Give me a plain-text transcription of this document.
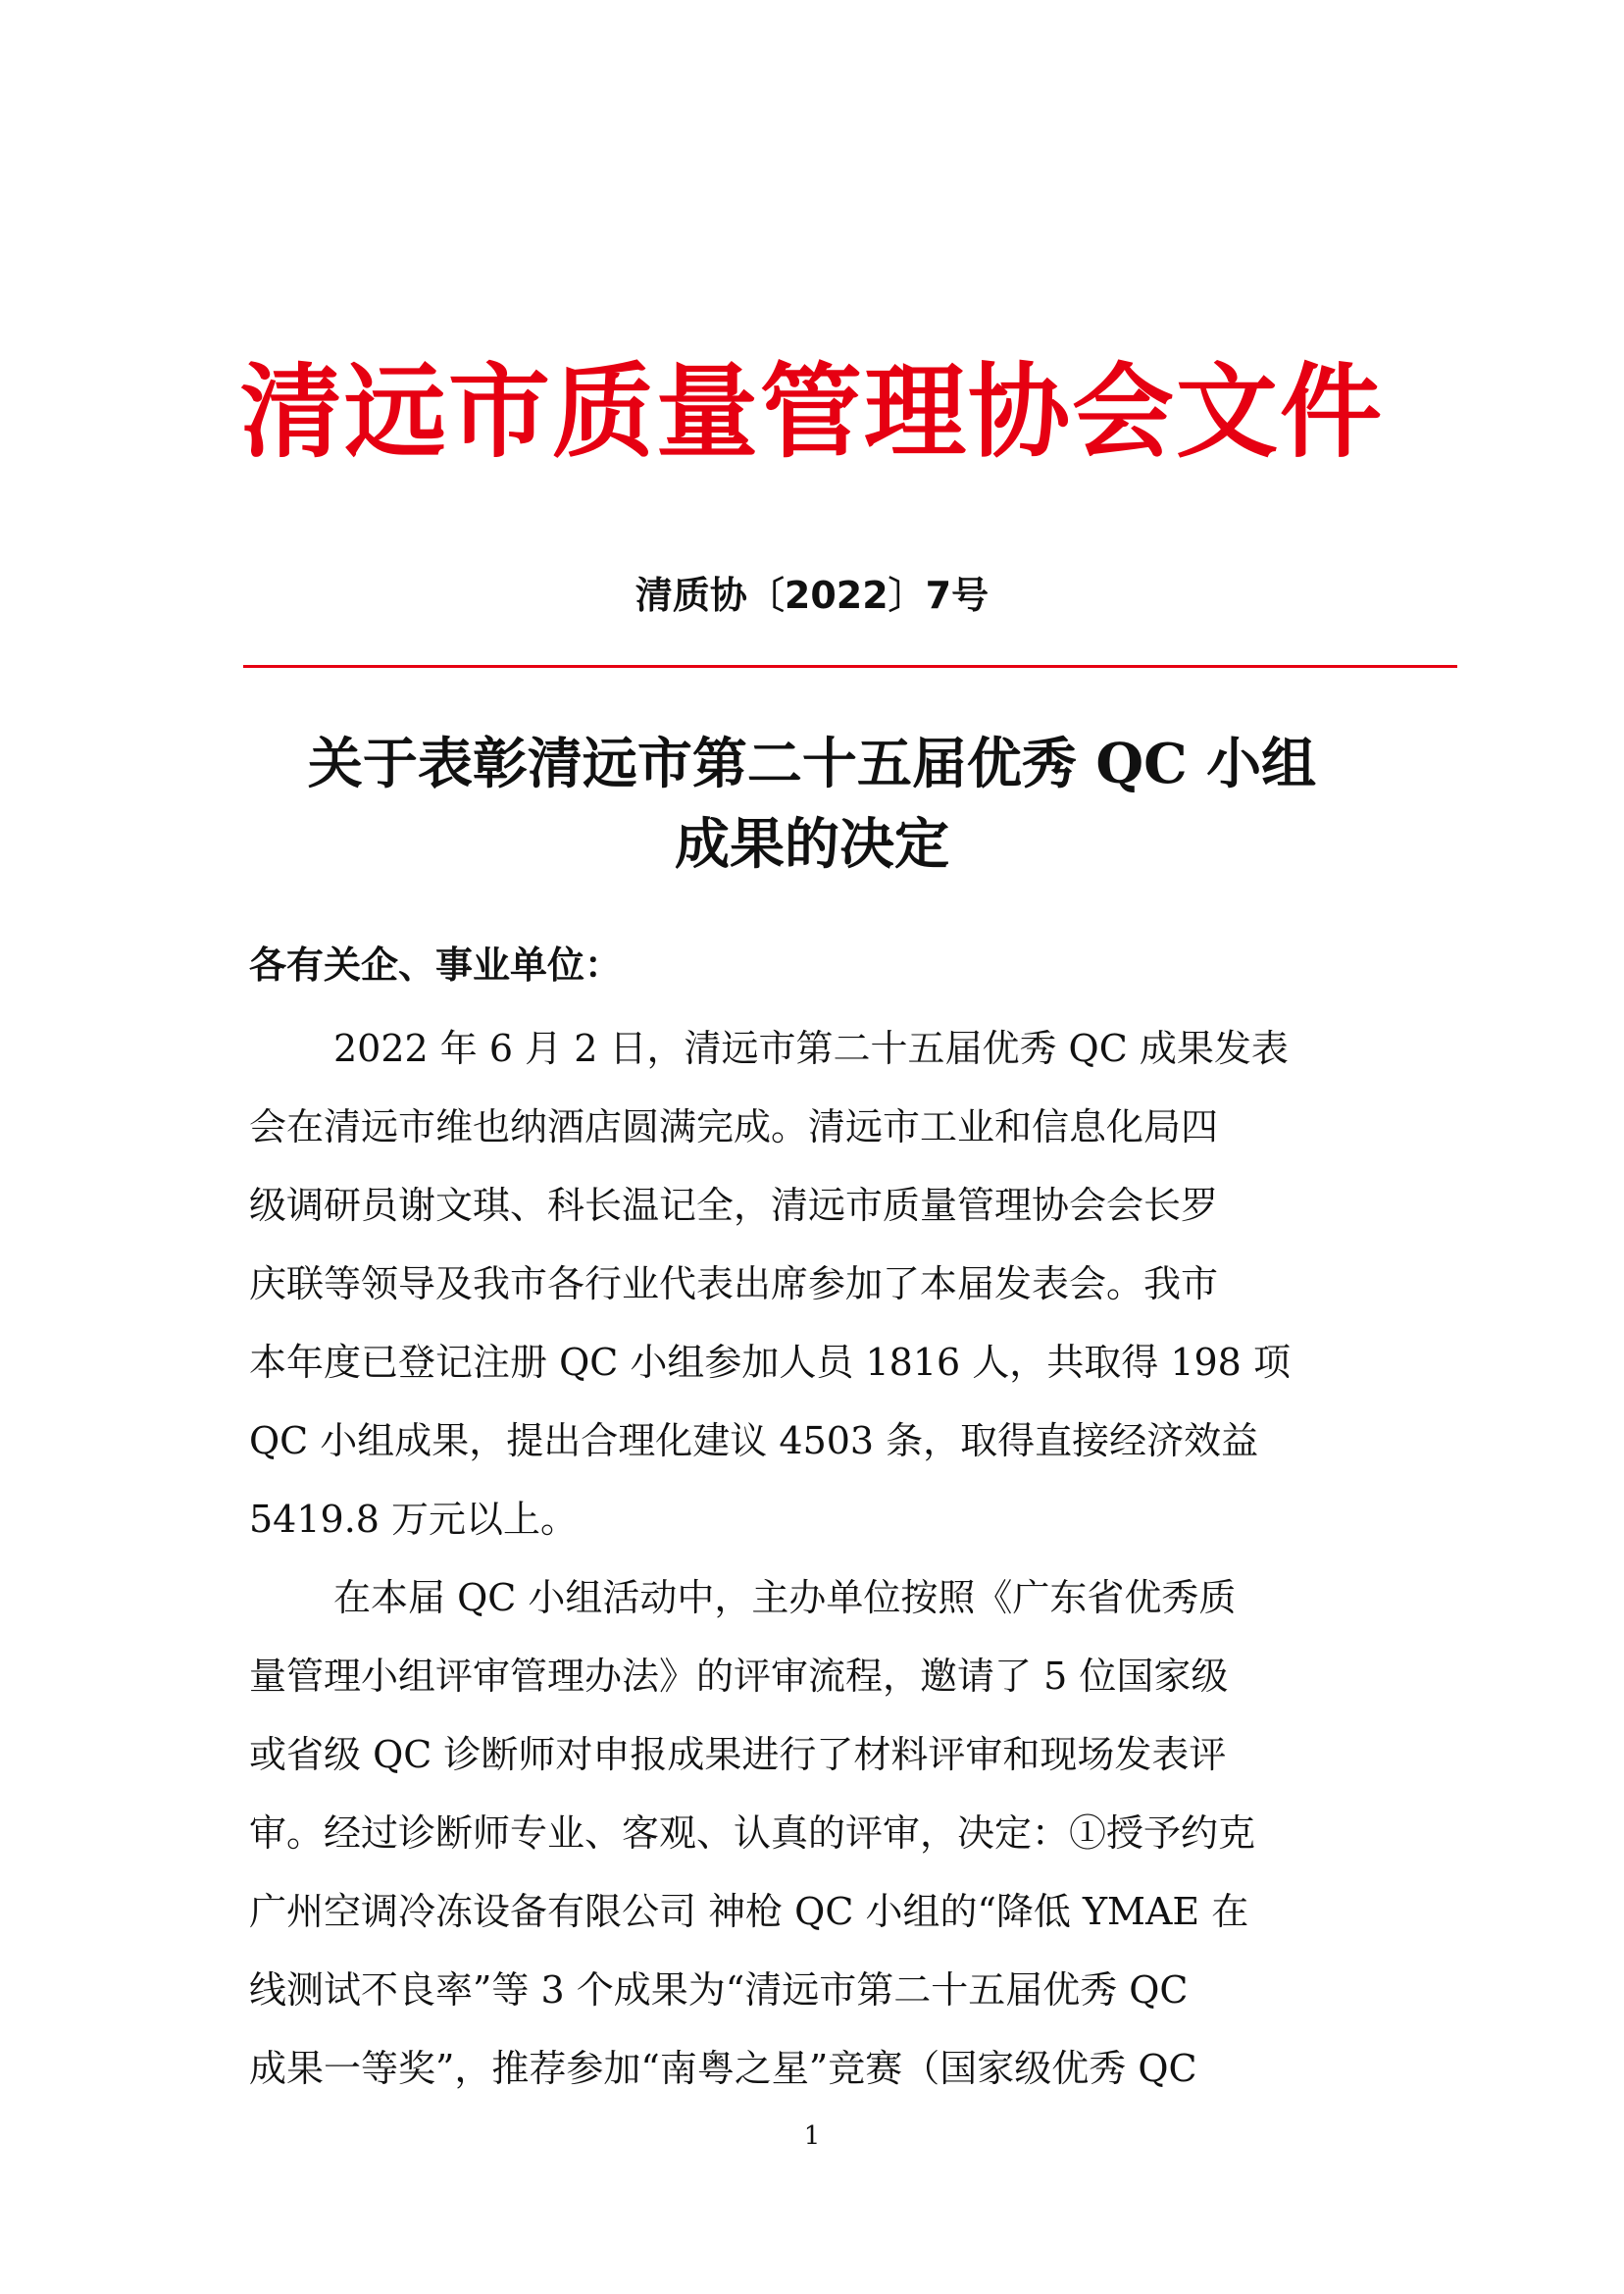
清远市质量管理协会文件
清质协〔2022〕7号
关于表彰清远市第二十五届优秀 QC 小组
成果的决定
各有关企、事业单位：
2022 年 6 月 2 日，清远市第二十五届优秀 QC 成果发表
会在清远市维也纳酒店圆满完成。清远市工业和信息化局四
级调研员谢文琪、科长温记全，清远市质量管理协会会长罗
庆联等领导及我市各行业代表出席参加了本届发表会。我市
本年度已登记注册 QC 小组参加人员 1816 人，共取得 198 项
QC 小组成果，提出合理化建议 4503 条，取得直接经济效益
5419.8 万元以上。
在本届 QC 小组活动中，主办单位按照《广东省优秀质
量管理小组评审管理办法》的评审流程，邀请了 5 位国家级
或省级 QC 诊断师对申报成果进行了材料评审和现场发表评
审。经过诊断师专业、客观、认真的评审，决定：①授予约克
广州空调冷冻设备有限公司 神枪 QC 小组的“降低 YMAE 在
线测试不良率”等 3 个成果为“清远市第二十五届优秀 QC
成果一等奖”，推荐参加“南粤之星”竞赛（国家级优秀 QC
1
